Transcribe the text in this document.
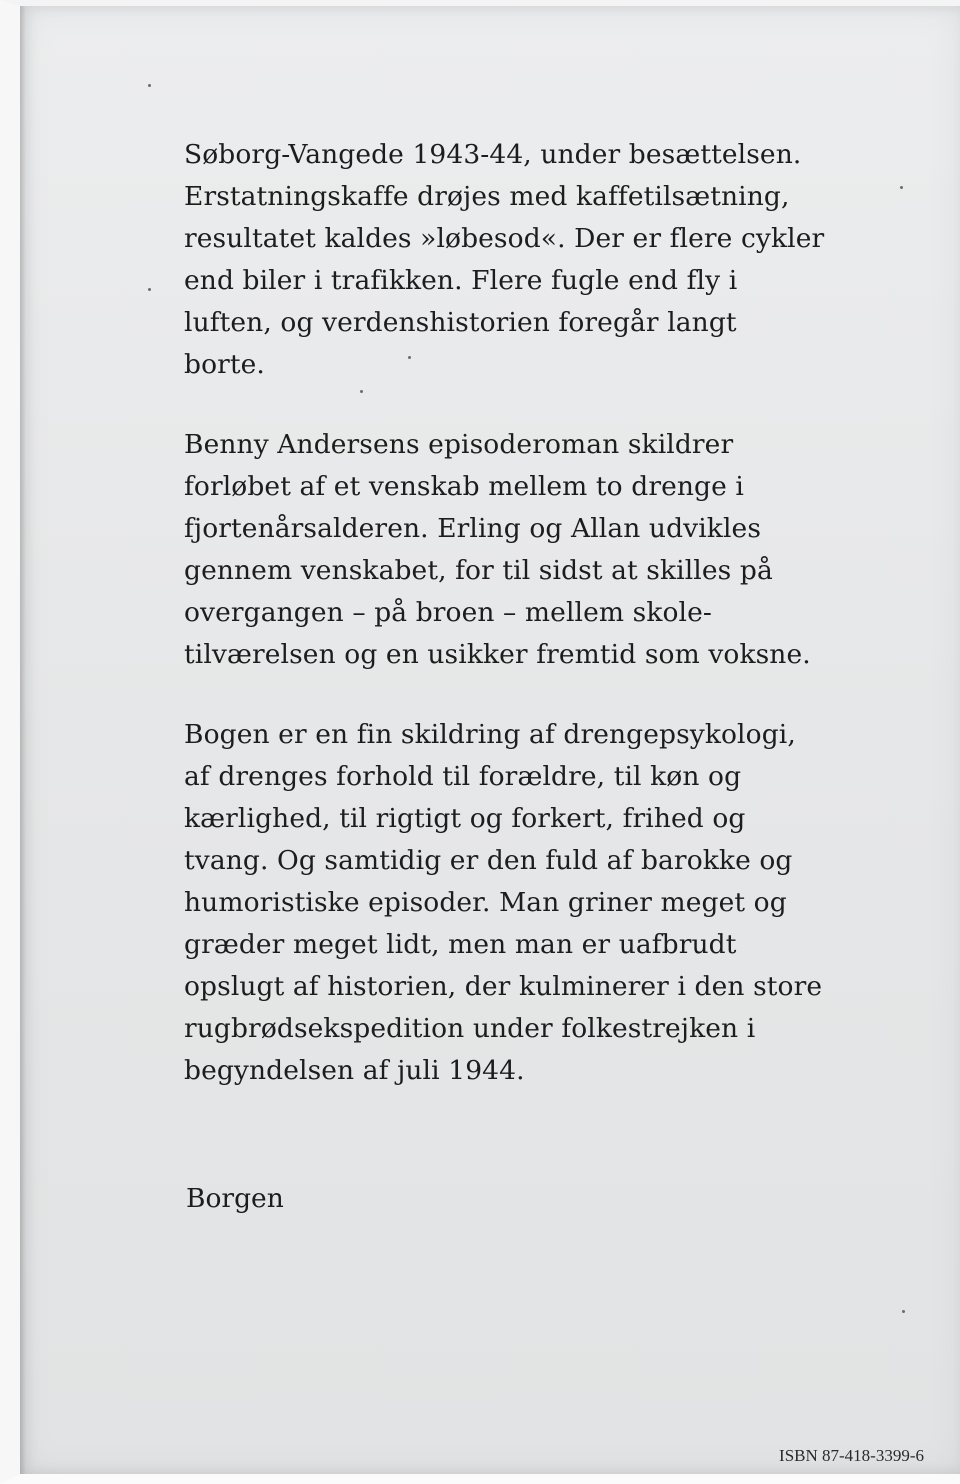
Søborg-Vangede 1943-44, under besættelsen.
Erstatningskaffe drøjes med kaffetilsætning,
resultatet kaldes »løbesod«. Der er flere cykler
end biler i trafikken. Flere fugle end fly i
luften, og verdenshistorien foregår langt
borte.

Benny Andersens episoderoman skildrer
forløbet af et venskab mellem to drenge i
fjortenårsalderen. Erling og Allan udvikles
gennem venskabet, for til sidst at skilles på
overgangen – på broen – mellem skole-
tilværelsen og en usikker fremtid som voksne.

Bogen er en fin skildring af drengepsykologi,
af drenges forhold til forældre, til køn og
kærlighed, til rigtigt og forkert, frihed og
tvang. Og samtidig er den fuld af barokke og
humoristiske episoder. Man griner meget og
græder meget lidt, men man er uafbrudt
opslugt af historien, der kulminerer i den store
rugbrødsekspedition under folkestrejken i
begyndelsen af juli 1944.

Borgen

ISBN 87-418-3399-6
